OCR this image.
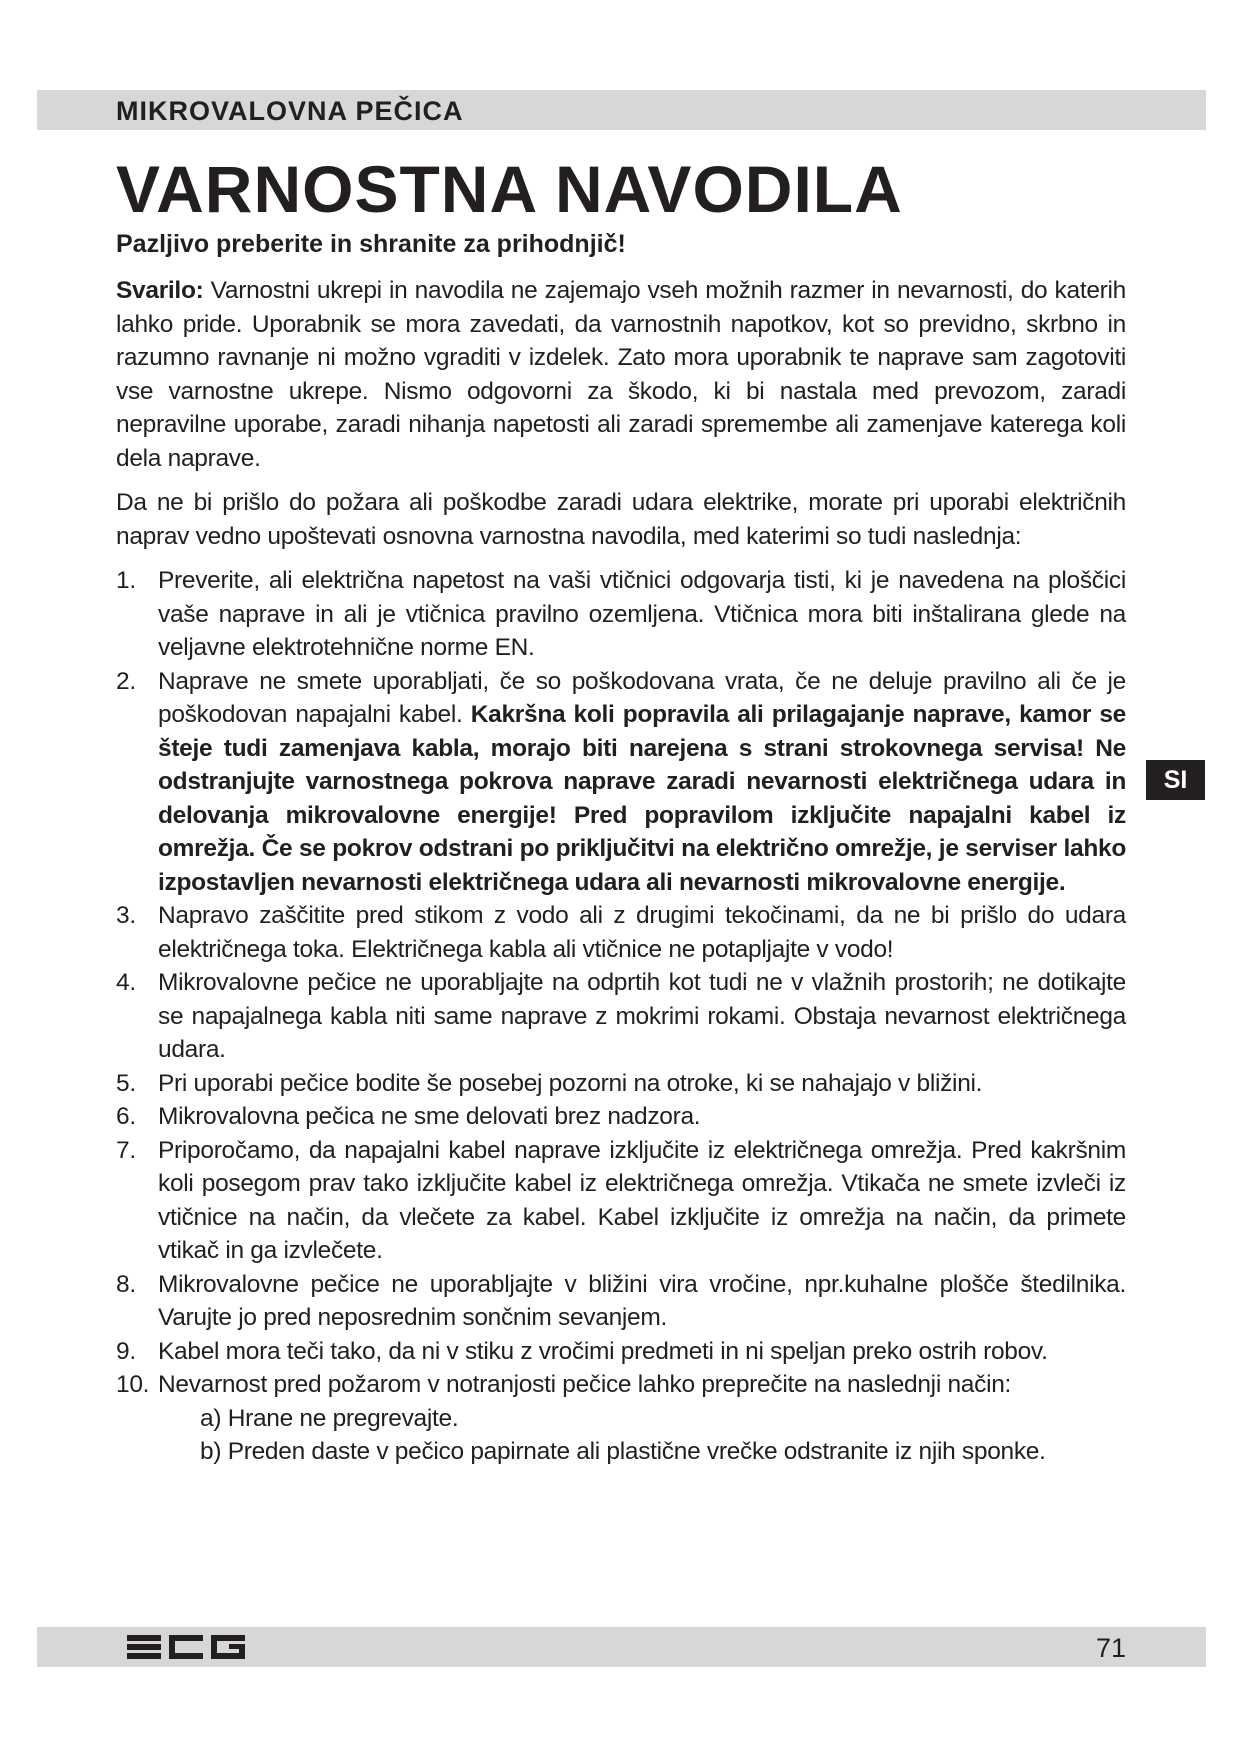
MIKROVALOVNA PEČICA
VARNOSTNA NAVODILA
Pazljivo preberite in shranite za prihodnjič!

Svarilo: Varnostni ukrepi in navodila ne zajemajo vseh možnih razmer in nevarnosti, do katerih lahko pride. Uporabnik se mora zavedati, da varnostnih napotkov, kot so previdno, skrbno in razumno ravnanje ni možno vgraditi v izdelek. Zato mora uporabnik te naprave sam zagotoviti vse varnostne ukrepe. Nismo odgovorni za škodo, ki bi nastala med prevozom, zaradi nepravilne uporabe, zaradi nihanja napetosti ali zaradi spremembe ali zamenjave katerega koli dela naprave.

Da ne bi prišlo do požara ali poškodbe zaradi udara elektrike, morate pri uporabi električnih naprav vedno upoštevati osnovna varnostna navodila, med katerimi so tudi naslednja:

1. Preverite, ali električna napetost na vaši vtičnici odgovarja tisti, ki je navedena na ploščici vaše naprave in ali je vtičnica pravilno ozemljena. Vtičnica mora biti inštalirana glede na veljavne elektrotehnične norme EN.
2. Naprave ne smete uporabljati, če so poškodovana vrata, če ne deluje pravilno ali če je poškodovan napajalni kabel. Kakršna koli popravila ali prilagajanje naprave, kamor se šteje tudi zamenjava kabla, morajo biti narejena s strani strokovnega servisa! Ne odstranjujte varnostnega pokrova naprave zaradi nevarnosti električnega udara in delovanja mikrovalovne energije! Pred popravilom izključite napajalni kabel iz omrežja. Če se pokrov odstrani po priključitvi na električno omrežje, je serviser lahko izpostavljen nevarnosti električnega udara ali nevarnosti mikrovalovne energije.
3. Napravo zaščitite pred stikom z vodo ali z drugimi tekočinami, da ne bi prišlo do udara električnega toka. Električnega kabla ali vtičnice ne potapljajte v vodo!
4. Mikrovalovne pečice ne uporabljajte na odprtih kot tudi ne v vlažnih prostorih; ne dotikajte se napajalnega kabla niti same naprave z mokrimi rokami. Obstaja nevarnost električnega udara.
5. Pri uporabi pečice bodite še posebej pozorni na otroke, ki se nahajajo v bližini.
6. Mikrovalovna pečica ne sme delovati brez nadzora.
7. Priporočamo, da napajalni kabel naprave izključite iz električnega omrežja. Pred kakršnim koli posegom prav tako izključite kabel iz električnega omrežja. Vtikača ne smete izvleči iz vtičnice na način, da vlečete za kabel. Kabel izključite iz omrežja na način, da primete vtikač in ga izvlečete.
8. Mikrovalovne pečice ne uporabljajte v bližini vira vročine, npr.kuhalne plošče štedilnika. Varujte jo pred neposrednim sončnim sevanjem.
9. Kabel mora teči tako, da ni v stiku z vročimi predmeti in ni speljan preko ostrih robov.
10. Nevarnost pred požarom v notranjosti pečice lahko preprečite na naslednji način:
a) Hrane ne pregrevajte.
b) Preden daste v pečico papirnate ali plastične vrečke odstranite iz njih sponke.
SI
71
